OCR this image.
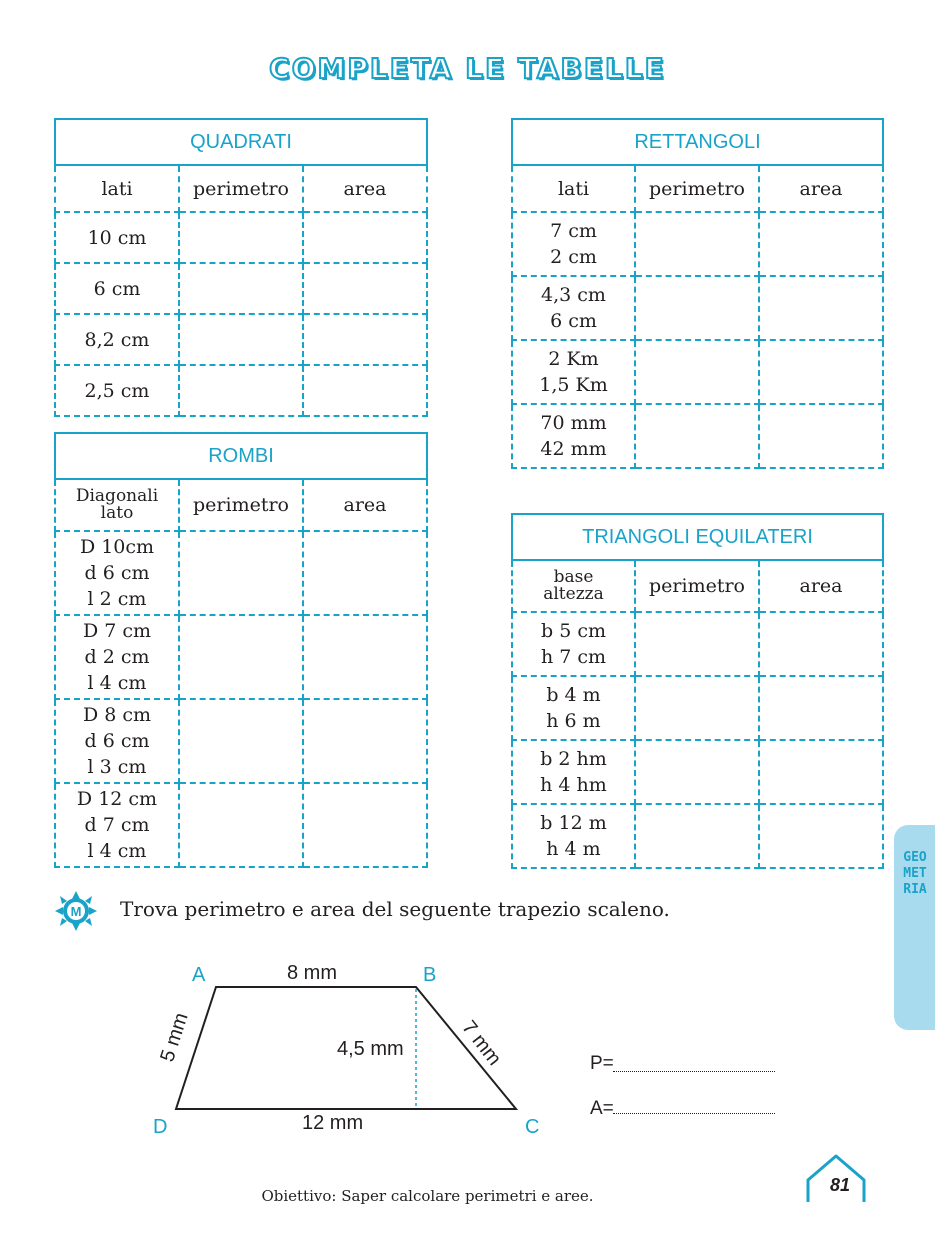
COMPLETA LE TABELLE
QUADRATI		
lati	perimetro	area
10 cm		
6 cm		
8,2 cm		
2,5 cm		
ROMBI		

Diagonali
lato	perimetro	area

D 10cm
d 6 cm
l 2 cm		

D 7 cm
d 2 cm
l 4 cm		

D 8 cm
d 6 cm
l 3 cm		

D 12 cm
d 7 cm
l 4 cm		

RETTANGOLI		
lati	perimetro	area

7 cm
2 cm		

4,3 cm
6 cm		

2 Km
1,5 Km		

70 mm
42 mm		

TRIANGOLI EQUILATERI		

base
altezza	perimetro	area

b 5 cm
h 7 cm		

b 4 m
h 6 m		

b 2 hm
h 4 hm		

b 12 m
h 4 m		
			GEOMETRIA
M Trova perimetro e area del seguente trapezio scaleno.
A	B
C
D
8 mm
12 mm
4,5 mm
5 mm	7 mm	P=
A=
Obiettivo: Saper calcolare perimetri e aree.
81
